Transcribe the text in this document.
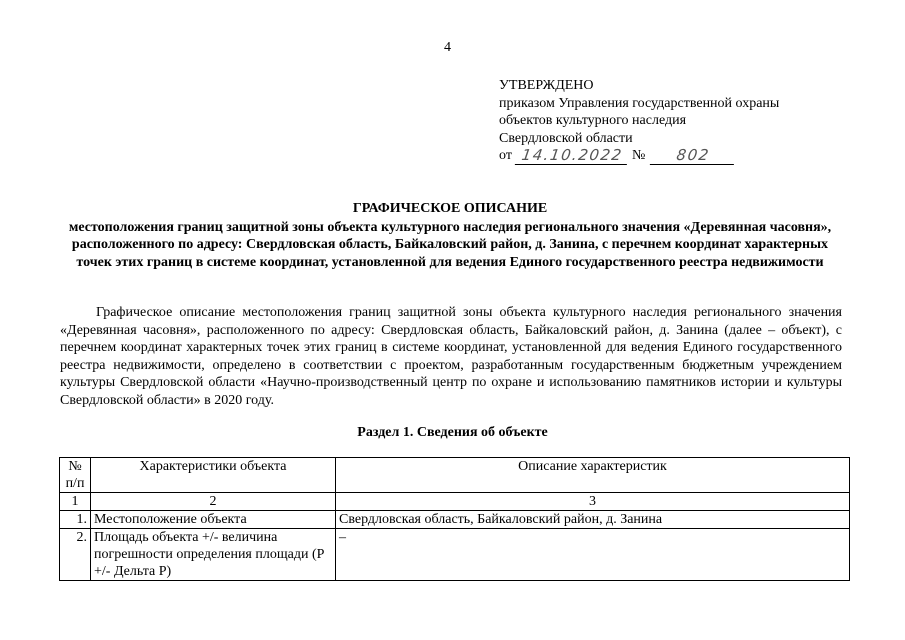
4
УТВЕРЖДЕНО
приказом Управления государственной охраны
объектов культурного наследия
Свердловской области
от 14.10.2022 №	802
ГРАФИЧЕСКОЕ ОПИСАНИЕ
местоположения границ защитной зоны объекта культурного наследия регионального значения «Деревянная часовня», расположенного по адресу: Свердловская область, Байкаловский район, д. Занина, с перечнем координат характерных точек этих границ в системе координат, установленной для ведения Единого государственного реестра недвижимости
Графическое описание местоположения границ защитной зоны объекта культурного наследия регионального значения «Деревянная часовня», расположенного по адресу: Свердловская область, Байкаловский район, д. Занина (далее – объект), с перечнем координат характерных точек этих границ в системе координат, установленной для ведения Единого государственного реестра недвижимости, определено в соответствии с проектом, разработанным государственным бюджетным учреждением культуры Свердловской области «Научно-производственный центр по охране и использованию памятников истории и культуры Свердловской области» в 2020 году.
Раздел 1. Сведения об объекте
№ п/п	Характеристики объекта	Описание характеристик
1	2	3
1.	Местоположение объекта	Свердловская область, Байкаловский район, д. Занина
2.	Площадь объекта +/- величина погрешности определения площади (Р +/- Дельта Р)	–
